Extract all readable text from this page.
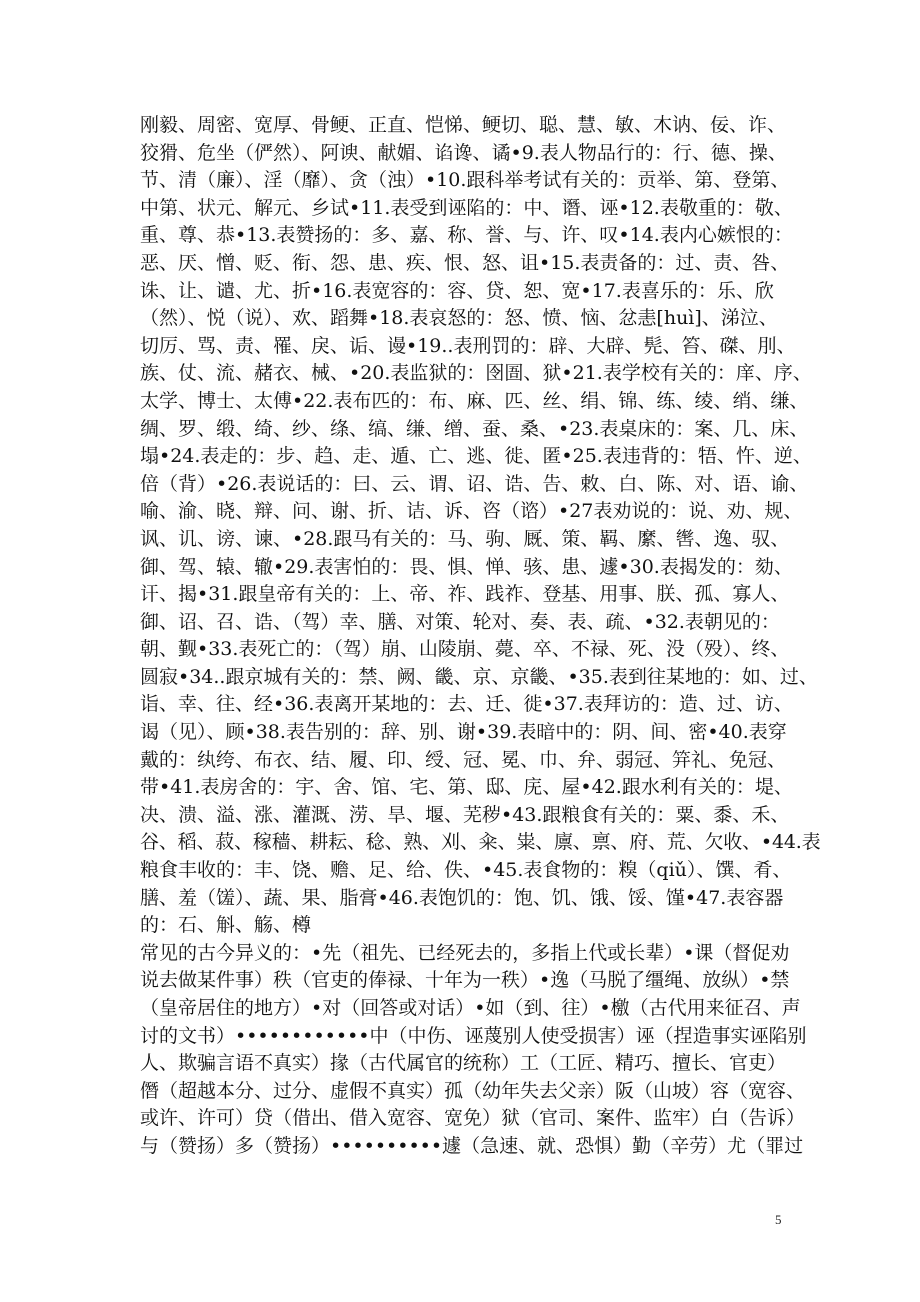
刚毅、周密、宽厚、骨鲠、正直、恺悌、鲠切、聪、慧、敏、木讷、佞、诈、
狡猾、危坐（俨然）、阿谀、献媚、谄谗、谲•9.表人物品行的：行、德、操、
节、清（廉）、淫（靡）、贪（浊）•10.跟科举考试有关的：贡举、第、登第、
中第、状元、解元、乡试•11.表受到诬陷的：中、谮、诬•12.表敬重的：敬、
重、尊、恭•13.表赞扬的：多、嘉、称、誉、与、许、叹•14.表内心嫉恨的：
恶、厌、憎、贬、衔、怨、患、疾、恨、怒、诅•15.表责备的：过、责、咎、
诛、让、谴、尤、折•16.表宽容的：容、贷、恕、宽•17.表喜乐的：乐、欣
（然）、悦（说）、欢、蹈舞•18.表哀怒的：怒、愤、恼、忿恚[huì]、涕泣、
切厉、骂、责、罹、戾、诟、谩•19..表刑罚的：辟、大辟、髡、笞、磔、刖、
族、仗、流、赭衣、械、•20.表监狱的：囹圄、狱•21.表学校有关的：庠、序、
太学、博士、太傅•22.表布匹的：布、麻、匹、丝、绢、锦、练、绫、绡、缣、
绸、罗、缎、绮、纱、绦、缟、缣、缯、蚕、桑、•23.表桌床的：案、几、床、
塌•24.表走的：步、趋、走、遁、亡、逃、徙、匿•25.表违背的：牾、忤、逆、
倍（背）•26.表说话的：曰、云、谓、诏、诰、告、敕、白、陈、对、语、谕、
喻、渝、晓、辩、问、谢、折、诘、诉、咨（谘）•27表劝说的：说、劝、规、
讽、讥、谤、谏、•28.跟马有关的：马、驹、厩、策、羁、縻、辔、逸、驭、
御、驾、辕、辙•29.表害怕的：畏、惧、惮、骇、患、遽•30.表揭发的：劾、
讦、揭•31.跟皇帝有关的：上、帝、祚、践祚、登基、用事、朕、孤、寡人、
御、诏、召、诰、（驾）幸、膳、对策、轮对、奏、表、疏、•32.表朝见的：
朝、觐•33.表死亡的：（驾）崩、山陵崩、薨、卒、不禄、死、没（殁）、终、
圆寂•34..跟京城有关的：禁、阙、畿、京、京畿、•35.表到往某地的：如、过、
诣、幸、往、经•36.表离开某地的：去、迁、徙•37.表拜访的：造、过、访、
谒（见）、顾•38.表告别的：辞、别、谢•39.表暗中的：阴、间、密•40.表穿
戴的：纨绔、布衣、结、履、印、绶、冠、冕、巾、弁、弱冠、笄礼、免冠、
带•41.表房舍的：宇、舍、馆、宅、第、邸、庑、屋•42.跟水利有关的：堤、
决、溃、溢、涨、灌溉、涝、旱、堰、芜秽•43.跟粮食有关的：粟、黍、禾、
谷、稻、菽、稼穑、耕耘、稔、熟、刈、籴、粜、廪、禀、府、荒、欠收、•44.表
粮食丰收的：丰、饶、赡、足、给、佚、•45.表食物的：糗（qiǔ）、馔、肴、
膳、羞（馐）、蔬、果、脂膏•46.表饱饥的：饱、饥、饿、馁、馑•47.表容器
的：石、斛、觞、樽
常见的古今异义的：•先（祖先、已经死去的，多指上代或长辈）•课（督促劝
说去做某件事）秩（官吏的俸禄、十年为一秩）•逸（马脱了缰绳、放纵）•禁
（皇帝居住的地方）•对（回答或对话）•如（到、往）•檄（古代用来征召、声
讨的文书）••••••••••••中（中伤、诬蔑别人使受损害）诬（捏造事实诬陷别
人、欺骗言语不真实）掾（古代属官的统称）工（工匠、精巧、擅长、官吏）
僭（超越本分、过分、虚假不真实）孤（幼年失去父亲）阪（山坡）容（宽容、
或许、许可）贷（借出、借入宽容、宽免）狱（官司、案件、监牢）白（告诉）
与（赞扬）多（赞扬）••••••••••遽（急速、就、恐惧）勤（辛劳）尤（罪过
5
